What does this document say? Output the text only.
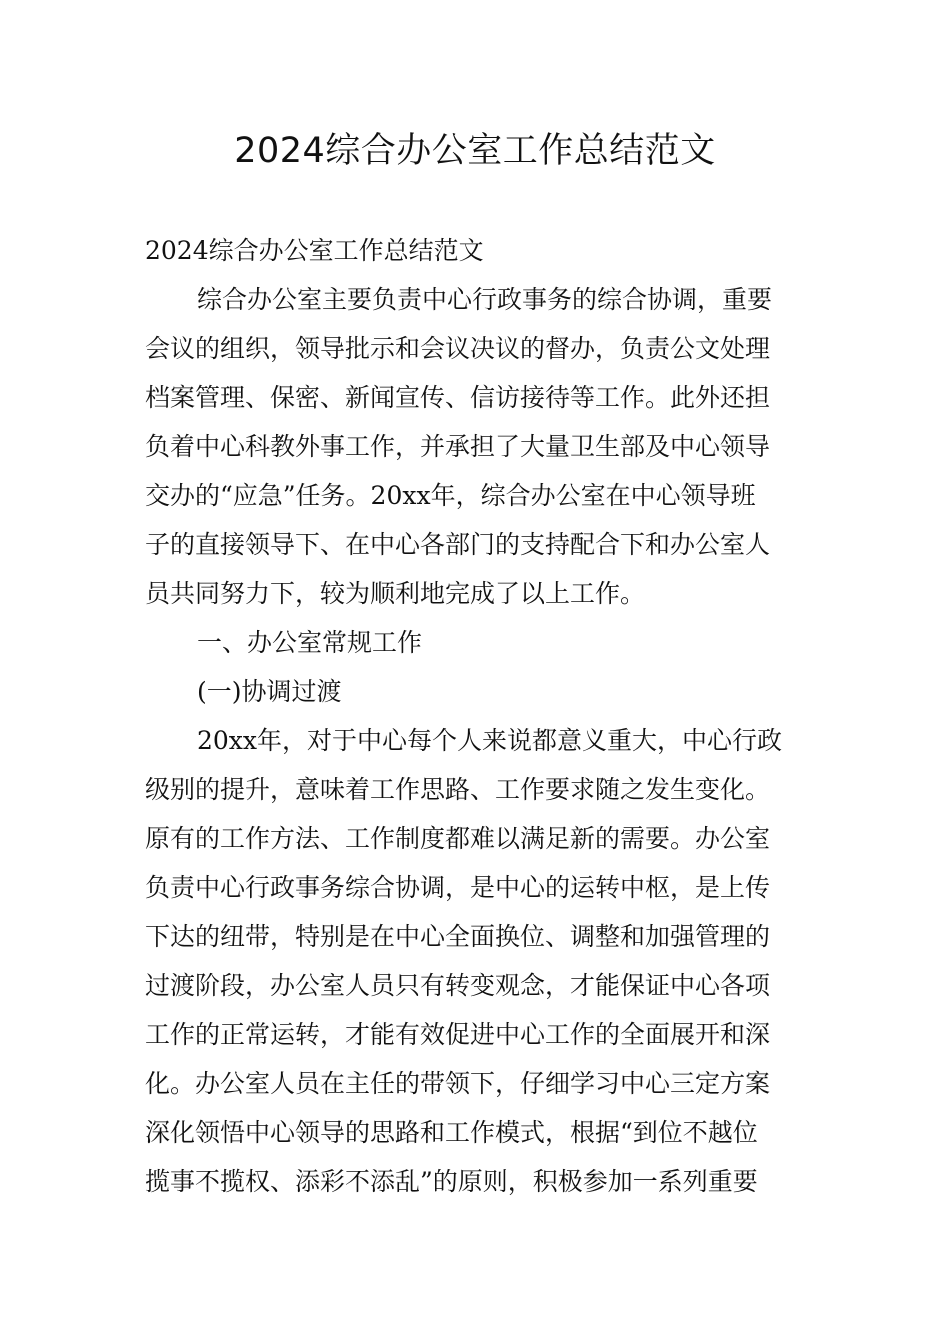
2024综合办公室工作总结范文
2024综合办公室工作总结范文
综合办公室主要负责中心行政事务的综合协调，重要
会议的组织，领导批示和会议决议的督办，负责公文处理
档案管理、保密、新闻宣传、信访接待等工作。此外还担
负着中心科教外事工作，并承担了大量卫生部及中心领导
交办的“应急”任务。20xx年，综合办公室在中心领导班
子的直接领导下、在中心各部门的支持配合下和办公室人
员共同努力下，较为顺利地完成了以上工作。
一、办公室常规工作
(一)协调过渡
20xx年，对于中心每个人来说都意义重大，中心行政
级别的提升，意味着工作思路、工作要求随之发生变化。
原有的工作方法、工作制度都难以满足新的需要。办公室
负责中心行政事务综合协调，是中心的运转中枢，是上传
下达的纽带，特别是在中心全面换位、调整和加强管理的
过渡阶段，办公室人员只有转变观念，才能保证中心各项
工作的正常运转，才能有效促进中心工作的全面展开和深
化。办公室人员在主任的带领下，仔细学习中心三定方案
深化领悟中心领导的思路和工作模式，根据“到位不越位
揽事不揽权、添彩不添乱”的原则，积极参加一系列重要
